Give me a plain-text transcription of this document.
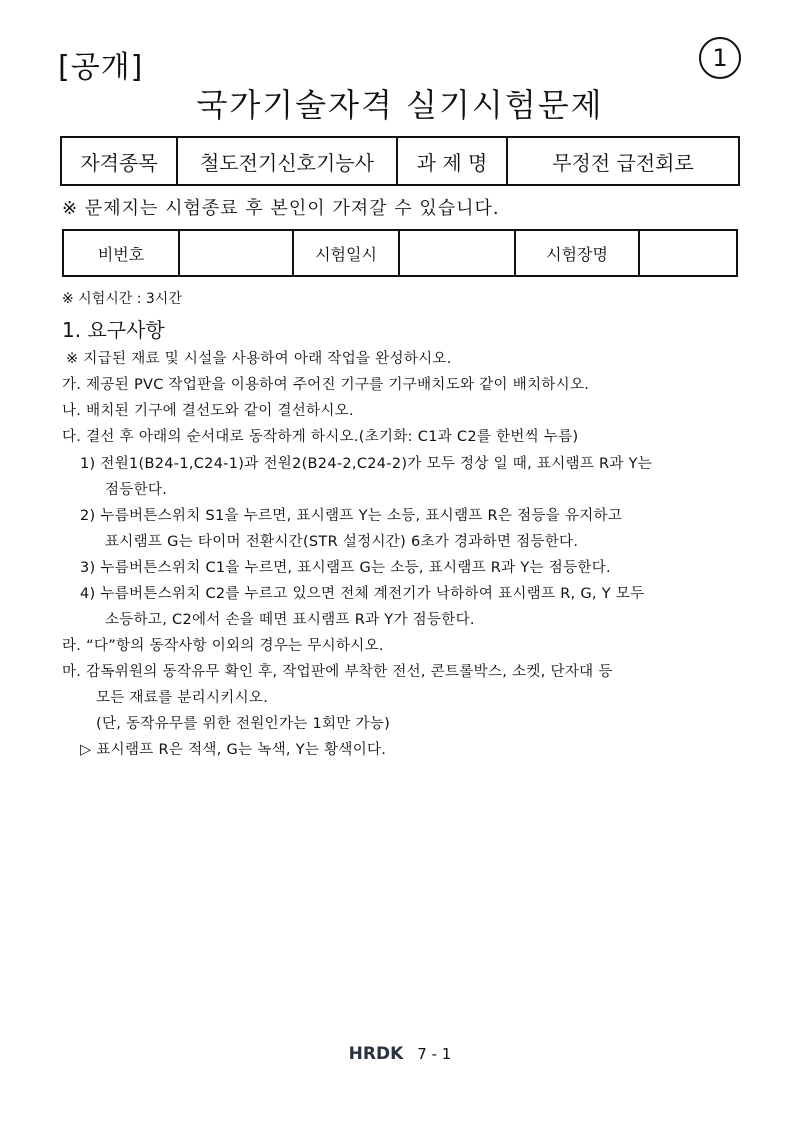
[공개]	1
국가기술자격 실기시험문제
자격종목	철도전기신호기능사	과 제 명	무정전 급전회로
※ 문제지는 시험종료 후 본인이 가져갈 수 있습니다.
비번호		시험일시		시험장명	
※ 시험시간 : 3시간
1. 요구사항
※ 지급된 재료 및 시설을 사용하여 아래 작업을 완성하시오.
가. 제공된 PVC 작업판을 이용하여 주어진 기구를 기구배치도와 같이 배치하시오.
나. 배치된 기구에 결선도와 같이 결선하시오.
다. 결선 후 아래의 순서대로 동작하게 하시오.(초기화: C1과 C2를 한번씩 누름)
1) 전원1(B24-1,C24-1)과 전원2(B24-2,C24-2)가 모두 정상 일 때, 표시램프 R과 Y는
점등한다.
2) 누름버튼스위치 S1을 누르면, 표시램프 Y는 소등, 표시램프 R은 점등을 유지하고
표시램프 G는 타이머 전환시간(STR 설정시간) 6초가 경과하면 점등한다.
3) 누름버튼스위치 C1을 누르면, 표시램프 G는 소등, 표시램프 R과 Y는 점등한다.
4) 누름버튼스위치 C2를 누르고 있으면 전체 계전기가 낙하하여 표시램프 R, G, Y 모두
소등하고, C2에서 손을 떼면 표시램프 R과 Y가 점등한다.
라. “다”항의 동작사항 이외의 경우는 무시하시오.
마. 감독위원의 동작유무 확인 후, 작업판에 부착한 전선, 콘트롤박스, 소켓, 단자대 등
모든 재료를 분리시키시오.
(단, 동작유무를 위한 전원인가는 1회만 가능)
▷ 표시램프 R은 적색, G는 녹색, Y는 황색이다.
HRDK 7 - 1
